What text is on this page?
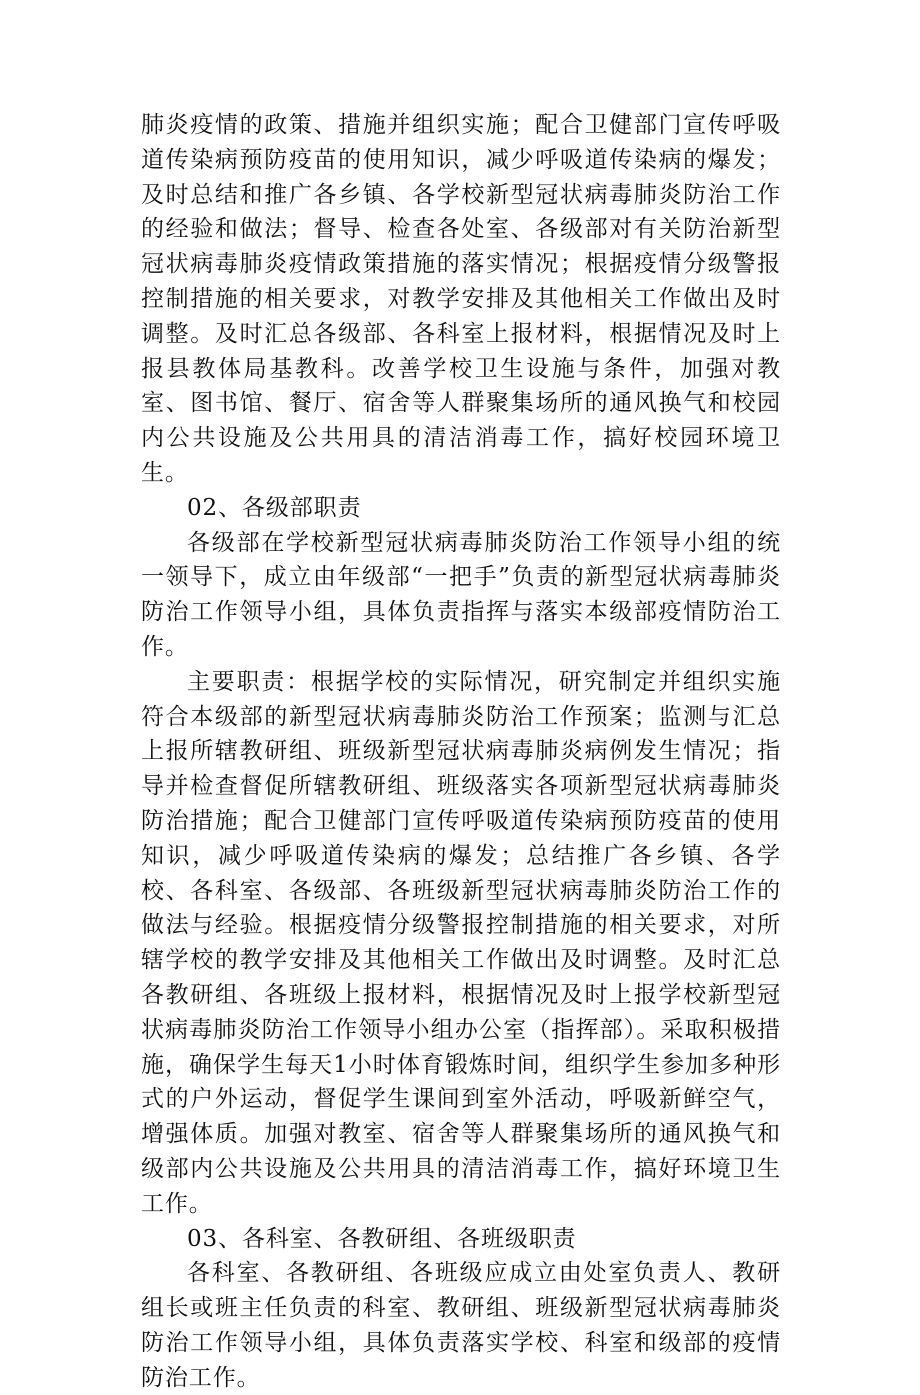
肺炎疫情的政策、措施并组织实施；配合卫健部门宣传呼吸道传染病预防疫苗的使用知识，减少呼吸道传染病的爆发；及时总结和推广各乡镇、各学校新型冠状病毒肺炎防治工作的经验和做法；督导、检查各处室、各级部对有关防治新型冠状病毒肺炎疫情政策措施的落实情况；根据疫情分级警报控制措施的相关要求，对教学安排及其他相关工作做出及时调整。及时汇总各级部、各科室上报材料，根据情况及时上报县教体局基教科。改善学校卫生设施与条件，加强对教室、图书馆、餐厅、宿舍等人群聚集场所的通风换气和校园内公共设施及公共用具的清洁消毒工作，搞好校园环境卫生。

02、各级部职责

各级部在学校新型冠状病毒肺炎防治工作领导小组的统一领导下，成立由年级部“一把手”负责的新型冠状病毒肺炎防治工作领导小组，具体负责指挥与落实本级部疫情防治工作。

主要职责：根据学校的实际情况，研究制定并组织实施符合本级部的新型冠状病毒肺炎防治工作预案；监测与汇总上报所辖教研组、班级新型冠状病毒肺炎病例发生情况；指导并检查督促所辖教研组、班级落实各项新型冠状病毒肺炎防治措施；配合卫健部门宣传呼吸道传染病预防疫苗的使用知识，减少呼吸道传染病的爆发；总结推广各乡镇、各学校、各科室、各级部、各班级新型冠状病毒肺炎防治工作的做法与经验。根据疫情分级警报控制措施的相关要求，对所辖学校的教学安排及其他相关工作做出及时调整。及时汇总各教研组、各班级上报材料，根据情况及时上报学校新型冠状病毒肺炎防治工作领导小组办公室（指挥部）。采取积极措施，确保学生每天1小时体育锻炼时间，组织学生参加多种形式的户外运动，督促学生课间到室外活动，呼吸新鲜空气，增强体质。加强对教室、宿舍等人群聚集场所的通风换气和级部内公共设施及公共用具的清洁消毒工作，搞好环境卫生工作。

03、各科室、各教研组、各班级职责

各科室、各教研组、各班级应成立由处室负责人、教研组长或班主任负责的科室、教研组、班级新型冠状病毒肺炎防治工作领导小组，具体负责落实学校、科室和级部的疫情防治工作。
